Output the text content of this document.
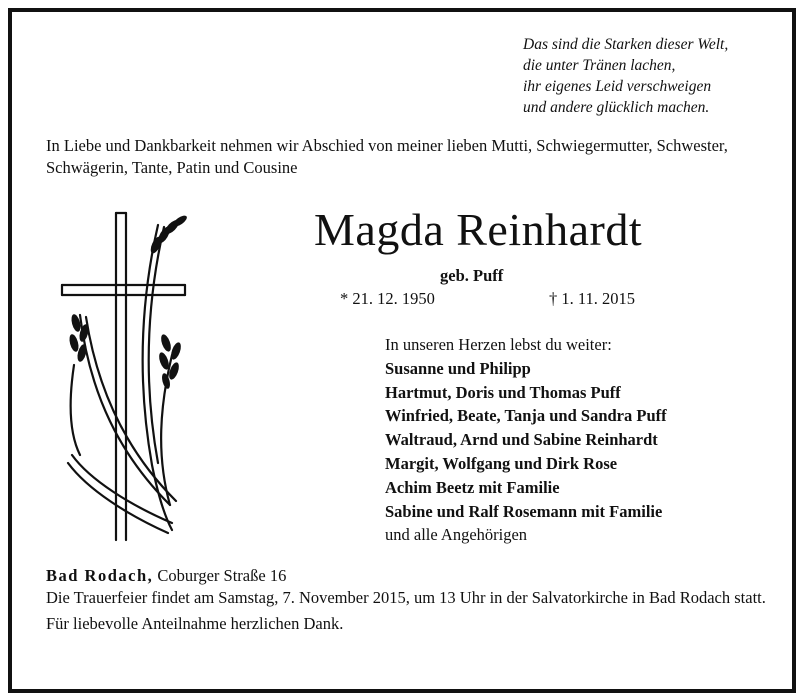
Das sind die Starken dieser Welt,
die unter Tränen lachen,
ihr eigenes Leid verschweigen
und andere glücklich machen.
In Liebe und Dankbarkeit nehmen wir Abschied von meiner lieben Mutti, Schwiegermutter, Schwester, Schwägerin, Tante, Patin und Cousine
Magda Reinhardt
geb. Puff
* 21. 12. 1950	† 1. 11. 2015
In unseren Herzen lebst du weiter:
Susanne und Philipp
Hartmut, Doris und Thomas Puff
Winfried, Beate, Tanja und Sandra Puff
Waltraud, Arnd und Sabine Reinhardt
Margit, Wolfgang und Dirk Rose
Achim Beetz mit Familie
Sabine und Ralf Rosemann mit Familie
und alle Angehörigen
Bad Rodach, Coburger Straße 16
Die Trauerfeier findet am Samstag, 7. November 2015, um 13 Uhr in der Salvatorkirche in Bad Rodach statt.
Für liebevolle Anteilnahme herzlichen Dank.
